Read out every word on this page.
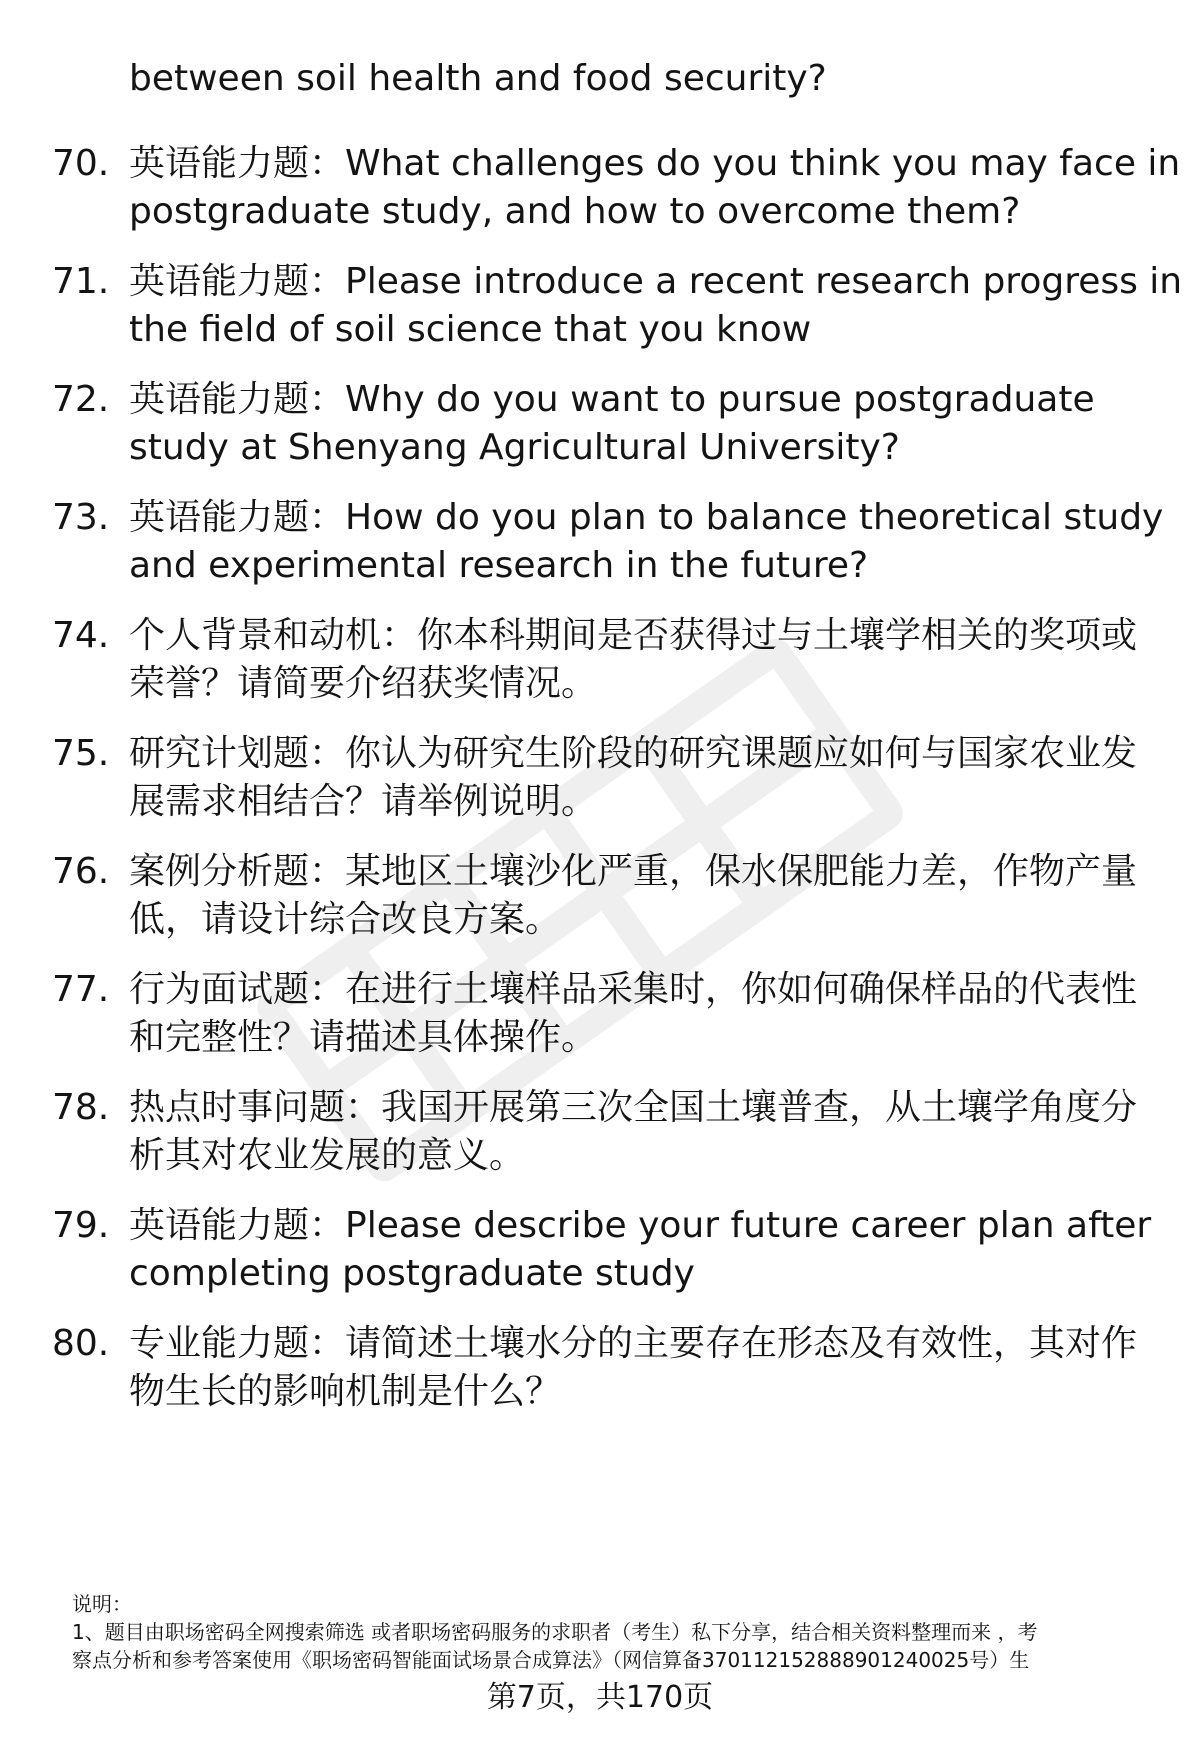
between soil health and food security?

70. 英语能力题：What challenges do you think you may face in
postgraduate study, and how to overcome them?

71. 英语能力题：Please introduce a recent research progress in
the field of soil science that you know

72. 英语能力题：Why do you want to pursue postgraduate
study at Shenyang Agricultural University?

73. 英语能力题：How do you plan to balance theoretical study
and experimental research in the future?

74. 个人背景和动机：你本科期间是否获得过与土壤学相关的奖项或
荣誉？请简要介绍获奖情况。

75. 研究计划题：你认为研究生阶段的研究课题应如何与国家农业发
展需求相结合？请举例说明。

76. 案例分析题：某地区土壤沙化严重，保水保肥能力差，作物产量
低，请设计综合改良方案。

77. 行为面试题：在进行土壤样品采集时，你如何确保样品的代表性
和完整性？请描述具体操作。

78. 热点时事问题：我国开展第三次全国土壤普查，从土壤学角度分
析其对农业发展的意义。

79. 英语能力题：Please describe your future career plan after
completing postgraduate study

80. 专业能力题：请简述土壤水分的主要存在形态及有效性，其对作
物生长的影响机制是什么？

说明：
1、题目由职场密码全网搜索筛选 或者职场密码服务的求职者（考生）私下分享，结合相关资料整理而来 ，考
察点分析和参考答案使用《职场密码智能面试场景合成算法》（网信算备370112152888901240025号）生
第7页，共170页
